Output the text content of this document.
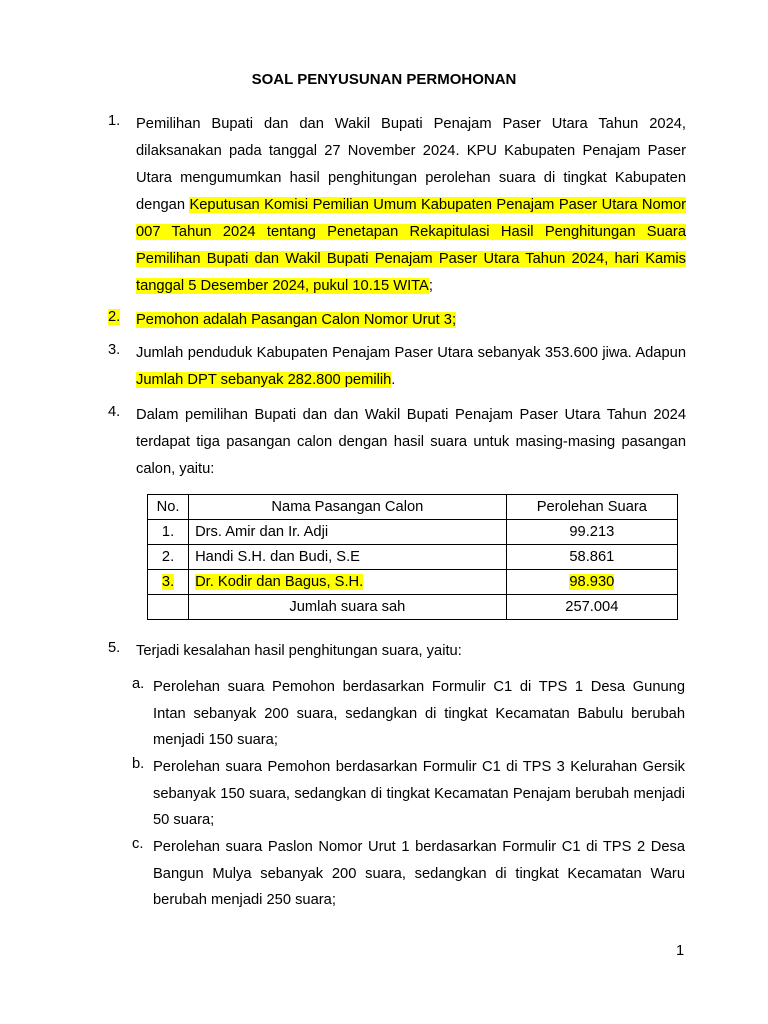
SOAL PENYUSUNAN PERMOHONAN
1.	Pemilihan Bupati dan dan Wakil Bupati Penajam Paser Utara Tahun 2024, dilaksanakan pada tanggal 27 November 2024. KPU Kabupaten Penajam Paser Utara mengumumkan hasil penghitungan perolehan suara di tingkat Kabupaten dengan Keputusan Komisi Pemilian Umum Kabupaten Penajam Paser Utara Nomor 007 Tahun 2024 tentang Penetapan Rekapitulasi Hasil Penghitungan Suara Pemilihan Bupati dan Wakil Bupati Penajam Paser Utara Tahun 2024, hari Kamis tanggal 5 Desember 2024, pukul 10.15 WITA;
2.	Pemohon adalah Pasangan Calon Nomor Urut 3;
3.	Jumlah penduduk Kabupaten Penajam Paser Utara sebanyak 353.600 jiwa. Adapun Jumlah DPT sebanyak 282.800 pemilih.
4.	Dalam pemilihan Bupati dan dan Wakil Bupati Penajam Paser Utara Tahun 2024 terdapat tiga pasangan calon dengan hasil suara untuk masing-masing pasangan calon, yaitu:
No.	Nama Pasangan Calon	Perolehan Suara
1.	Drs. Amir dan Ir. Adji	99.213
2.	Handi S.H. dan Budi, S.E	58.861
3.	Dr. Kodir dan Bagus, S.H.	98.930
	Jumlah suara sah	257.004
5.	Terjadi kesalahan hasil penghitungan suara, yaitu:
a. Perolehan suara Pemohon berdasarkan Formulir C1 di TPS 1 Desa Gunung Intan sebanyak 200 suara, sedangkan di tingkat Kecamatan Babulu berubah menjadi 150 suara;
b. Perolehan suara Pemohon berdasarkan Formulir C1 di TPS 3 Kelurahan Gersik sebanyak 150 suara, sedangkan di tingkat Kecamatan Penajam berubah menjadi 50 suara;
c. Perolehan suara Paslon Nomor Urut 1 berdasarkan Formulir C1 di TPS 2 Desa Bangun Mulya sebanyak 200 suara, sedangkan di tingkat Kecamatan Waru berubah menjadi 250 suara;
1
